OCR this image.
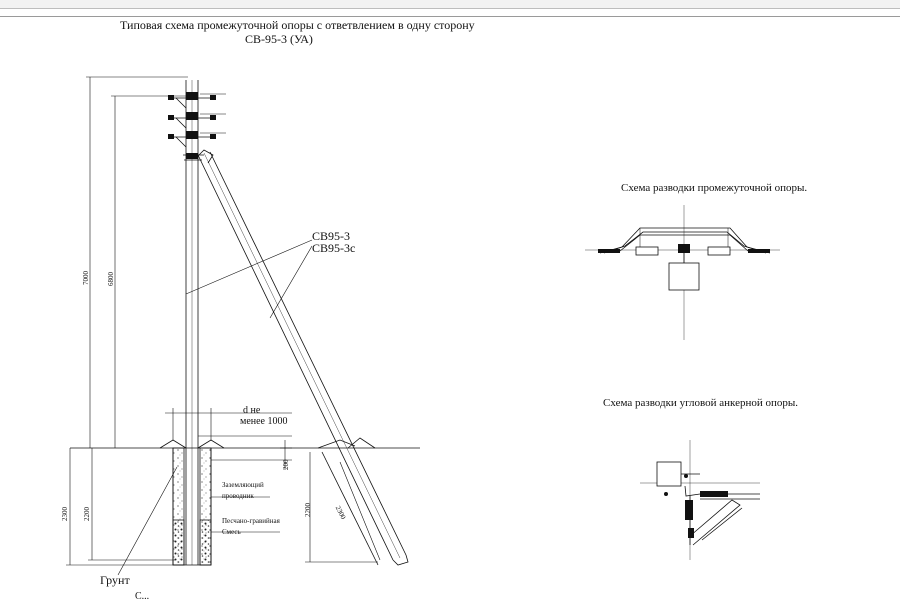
Типовая схема промежуточной опоры с ответвлением в одну сторону
СВ-95-3 (УА)
Схема разводки промежуточной опоры.
Схема разводки угловой анкерной опоры.
СВ95-3
СВ95-3с
d не
менее 1000
Заземляющий
проводник
Песчано-гравийная
Смесь
Грунт
С...
7000 6800
2300 2200
200
2200	2300
